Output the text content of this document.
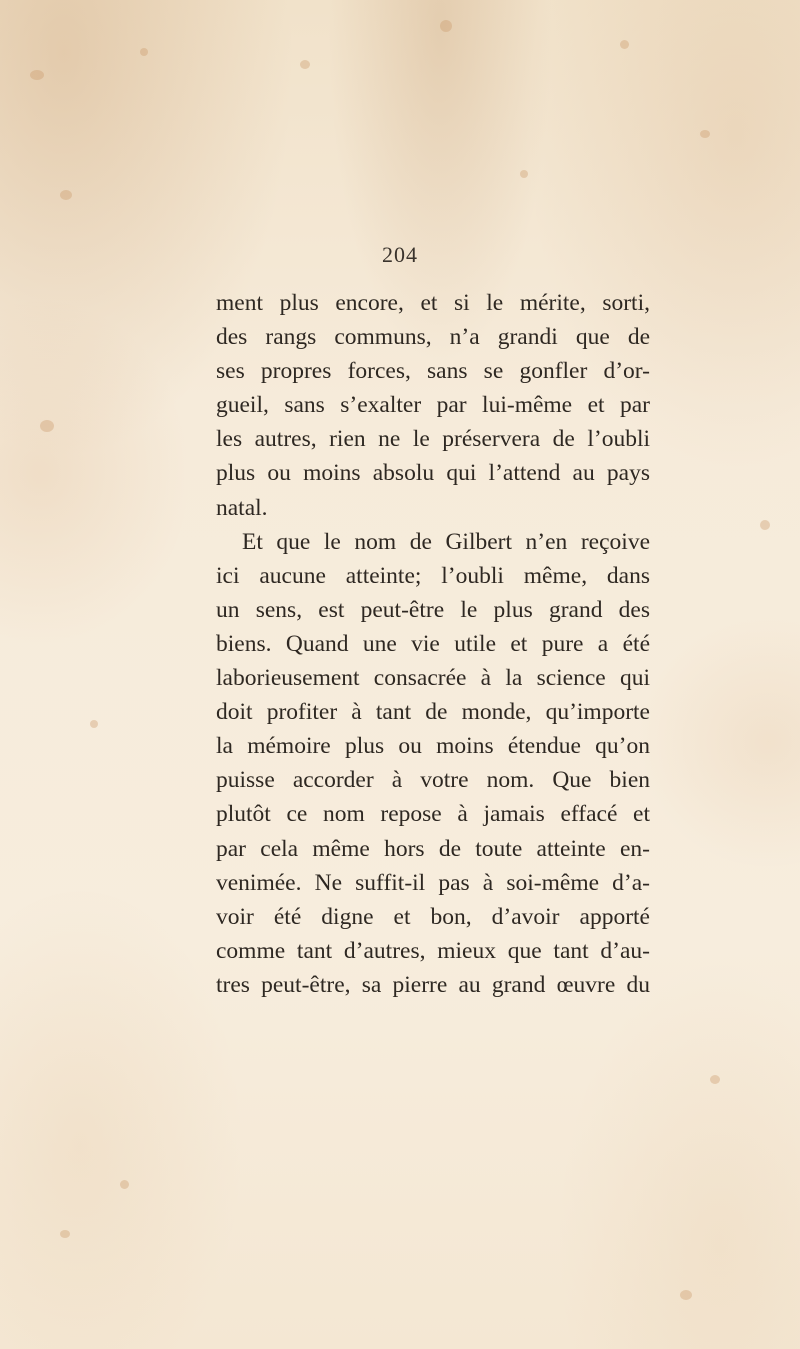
204
ment plus encore, et si le mérite, sorti,
des rangs communs, n’a grandi que de
ses propres forces, sans se gonfler d’or-
gueil, sans s’exalter par lui-même et par
les autres, rien ne le préservera de l’oubli
plus ou moins absolu qui l’attend au pays
natal.
Et que le nom de Gilbert n’en reçoive
ici aucune atteinte; l’oubli même, dans
un sens, est peut-être le plus grand des
biens. Quand une vie utile et pure a été
laborieusement consacrée à la science qui
doit profiter à tant de monde, qu’importe
la mémoire plus ou moins étendue qu’on
puisse accorder à votre nom. Que bien
plutôt ce nom repose à jamais effacé et
par cela même hors de toute atteinte en-
venimée. Ne suffit-il pas à soi-même d’a-
voir été digne et bon, d’avoir apporté
comme tant d’autres, mieux que tant d’au-
tres peut-être, sa pierre au grand œuvre du
